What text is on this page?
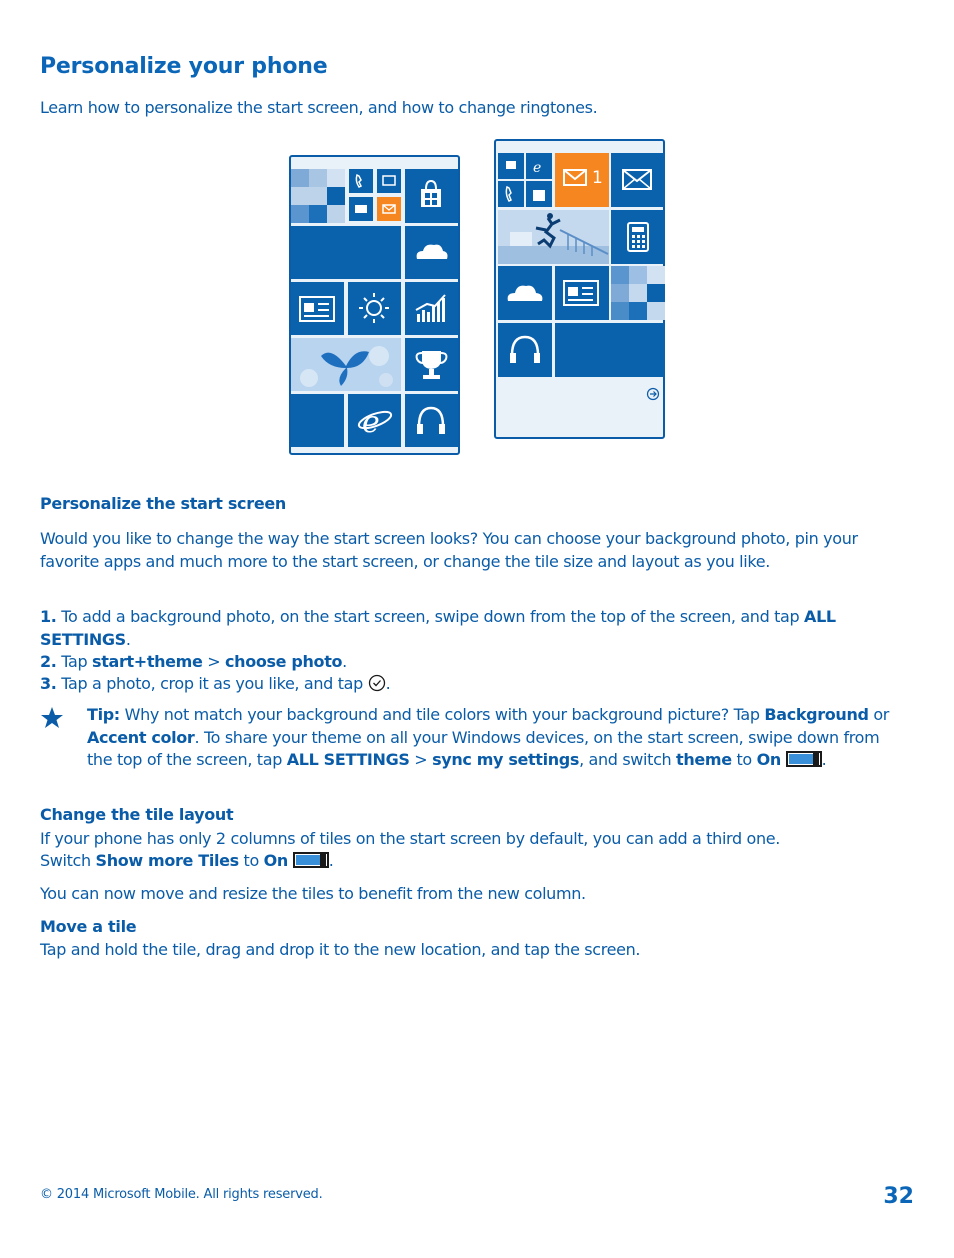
Personalize your phone

Learn how to personalize the start screen, and how to change ringtones.

e
e	1

Personalize the start screen

Would you like to change the way the start screen looks? You can choose your background photo, pin your favorite apps and much more to the start screen, or change the tile size and layout as you like.

1. To add a background photo, on the start screen, swipe down from the top of the screen, and tap ALL SETTINGS.

2. Tap start+theme > choose photo.

3. Tap a photo, crop it as you like, and tap .

Tip: Why not match your background and tile colors with your background picture? Tap Background or Accent color. To share your theme on all your Windows devices, on the start screen, swipe down from the top of the screen, tap ALL SETTINGS > sync my settings, and switch theme to On	.

Change the tile layout

If your phone has only 2 columns of tiles on the start screen by default, you can add a third one.

Switch Show more Tiles to On	.

You can now move and resize the tiles to benefit from the new column.

Move a tile

Tap and hold the tile, drag and drop it to the new location, and tap the screen.

© 2014 Microsoft Mobile. All rights reserved.	32
